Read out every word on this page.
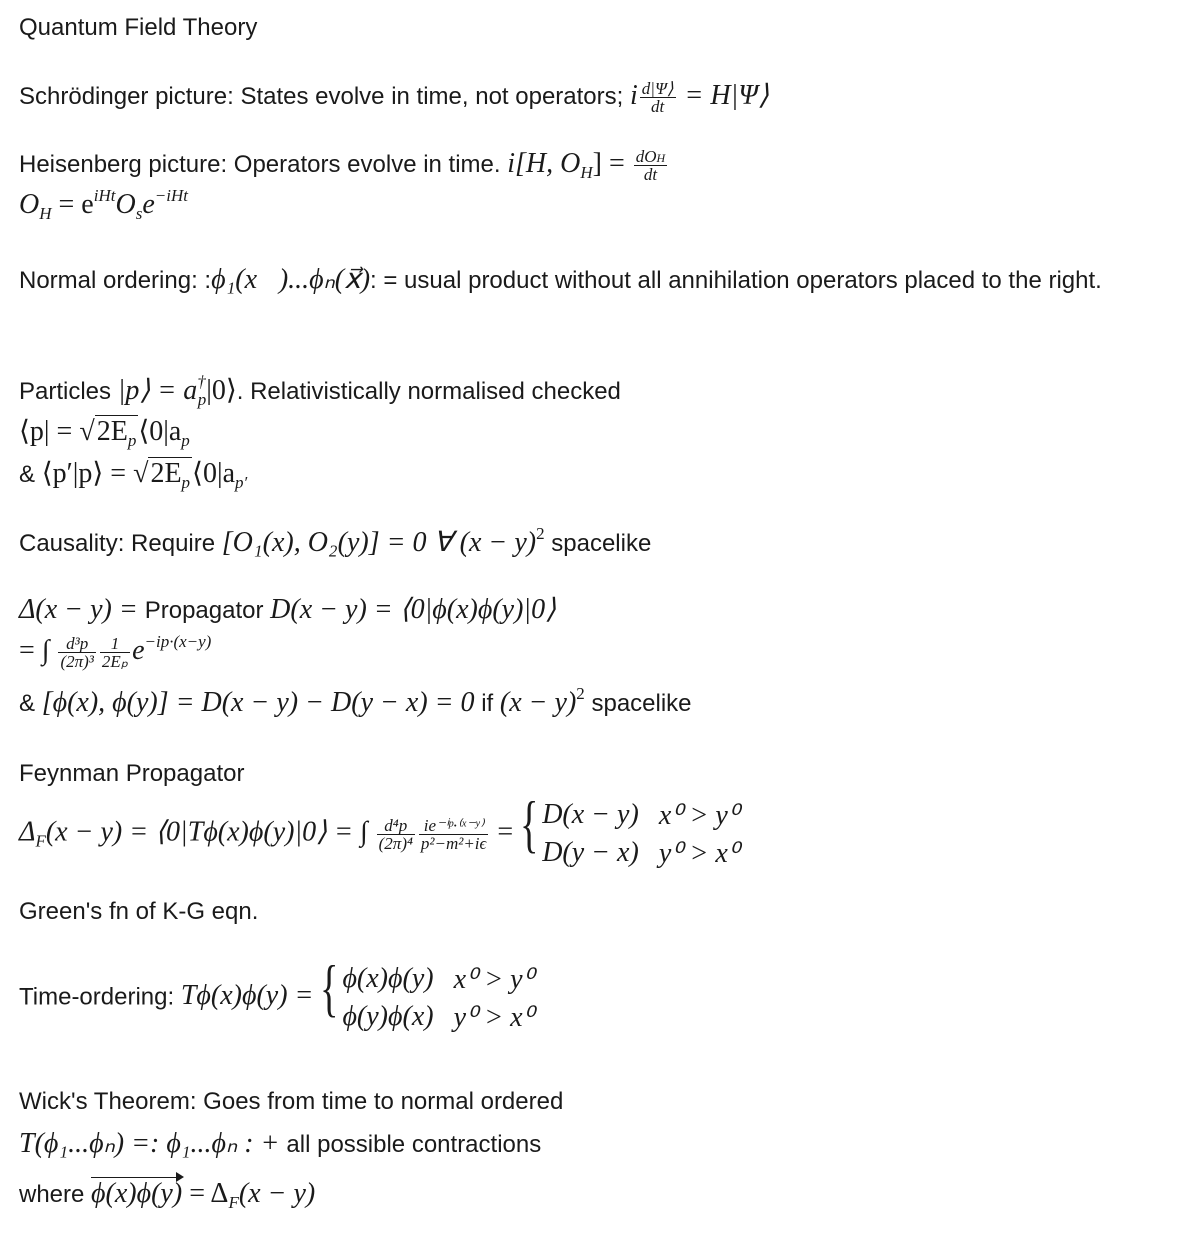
Quantum Field Theory
Schrödinger picture: States evolve in time, not operators; i $\frac{d|\Psi⟩}{dt}$ = H|Ψ⟩
Heisenberg picture: Operators evolve in time. i[H, $O_H] = \frac{\text{dOH}}{dt}$
$O_H = e^{iHt}O_se^{-iHt}$
Normal ordering: :ϕ₁(x⃗)...ϕₙ(x⃗): = usual product without all annihilation operators placed to the right.
Particles |p⟩ = $a^\dagger_p|0⟩$. Relativistically normalised checked
⟨p| = $√2E_p⟨0|a_p$
& ⟨p′|p⟩ = $√2E_p⟨0|a_{p'}$
Causality: Require [O₁(x), O₂(y)] = 0 ∀ $(x - y)^2$ spacelike
Δ(x − y) = Propagator D(x − y) = ⟨0|ϕ(x)ϕ(y)|0⟩
= ∫ $\frac{\text{d³p}}{\text{(2π)³}} \frac{1}{\text{2Eₚ}} e^{-ip\cdot(x-y)}$
& [ϕ(x), ϕ(y)] = D(x − y) − D(y − x) = 0 if $(x - y)^2$ spacelike
Feynman Propagator
$\Delta_F(x - y)$ = ⟨0|Tϕ(x)ϕ(y)|0⟩ = ∫ $\frac{\text{d⁴p}}{\text{(2π)⁴}} \frac{\text{ie⁻ⁱᵖ·⁽ˣ⁻ʸ⁾}}{\text{p²−m²+iϵ}}$ = { D(x − y)	x⁰ > y⁰
D(y − x)	y⁰ > x⁰
Green's fn of K-G eqn.
Time-ordering: Tϕ(x)ϕ(y) = { ϕ(x)ϕ(y)	x⁰ > y⁰
ϕ(y)ϕ(x)	y⁰ > x⁰
Wick's Theorem: Goes from time to normal ordered
T(ϕ₁...ϕₙ) =: ϕ₁...ϕₙ : + all possible contractions
where $\phi(x)\phi(y) = \Delta_F(x - y)$
